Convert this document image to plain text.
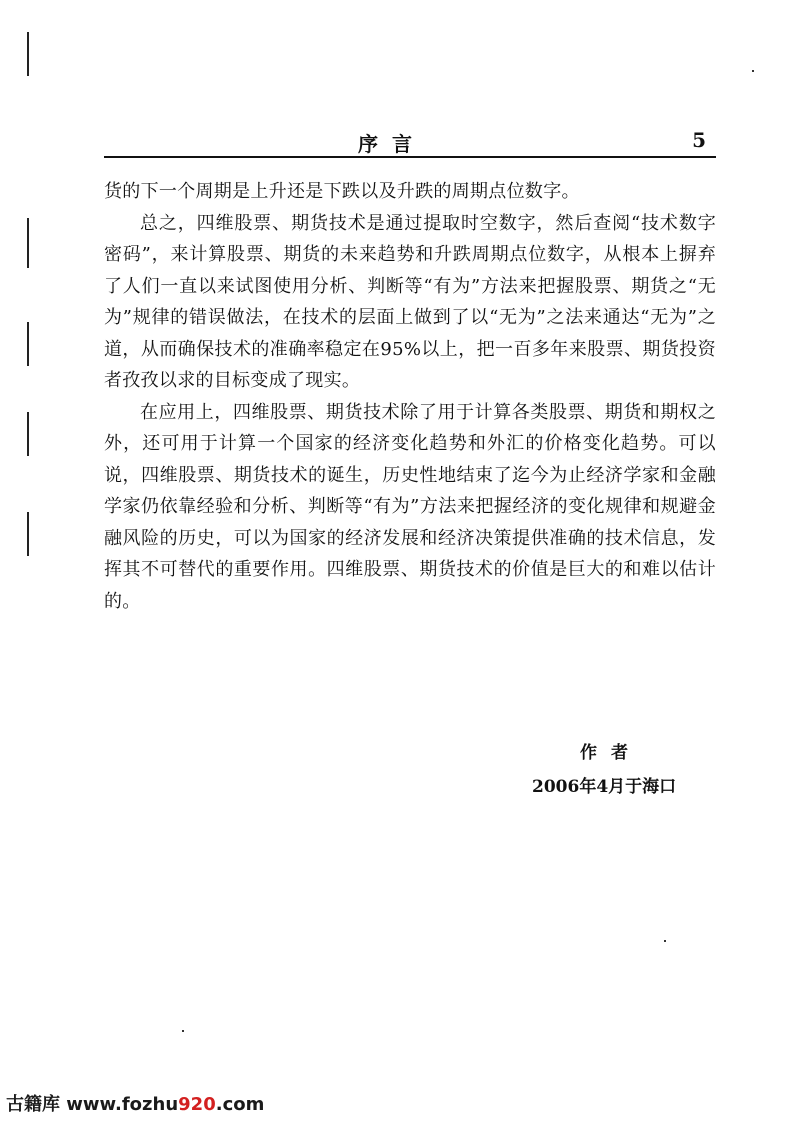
序言	5

货的下一个周期是上升还是下跌以及升跌的周期点位数字。

总之，四维股票、期货技术是通过提取时空数字，然后查阅“技术数字密码”，来计算股票、期货的未来趋势和升跌周期点位数字，从根本上摒弃了人们一直以来试图使用分析、判断等“有为”方法来把握股票、期货之“无为”规律的错误做法，在技术的层面上做到了以“无为”之法来通达“无为”之道，从而确保技术的准确率稳定在95%以上，把一百多年来股票、期货投资者孜孜以求的目标变成了现实。

在应用上，四维股票、期货技术除了用于计算各类股票、期货和期权之外，还可用于计算一个国家的经济变化趋势和外汇的价格变化趋势。可以说，四维股票、期货技术的诞生，历史性地结束了迄今为止经济学家和金融学家仍依靠经验和分析、判断等“有为”方法来把握经济的变化规律和规避金融风险的历史，可以为国家的经济发展和经济决策提供准确的技术信息，发挥其不可替代的重要作用。四维股票、期货技术的价值是巨大的和难以估计的。

作者
2006年4月于海口
古籍库 www.fozhu920.com
